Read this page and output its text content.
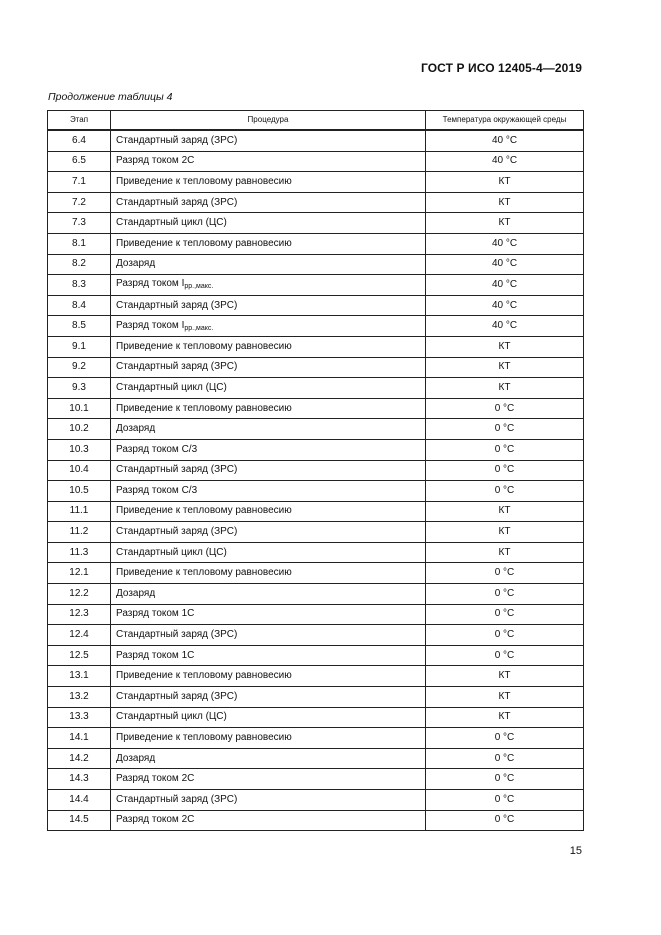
ГОСТ Р ИСО 12405-4—2019
Продолжение таблицы 4
Этап	Процедура	Температура окружающей среды
6.4	Стандартный заряд (ЗРС)	40 °С
6.5	Разряд током 2C	40 °С
7.1	Приведение к тепловому равновесию	КТ
7.2	Стандартный заряд (ЗРС)	КТ
7.3	Стандартный цикл (ЦС)	КТ
8.1	Приведение к тепловому равновесию	40 °С
8.2	Дозаряд	40 °С
8.3	Разряд током $I_{рр.,макс.}$	40 °С
8.4	Стандартный заряд (ЗРС)	40 °С
8.5	Разряд током $I_{рр.,макс.}$	40 °С
9.1	Приведение к тепловому равновесию	КТ
9.2	Стандартный заряд (ЗРС)	КТ
9.3	Стандартный цикл (ЦС)	КТ
10.1	Приведение к тепловому равновесию	0 °С
10.2	Дозаряд	0 °С
10.3	Разряд током C/3	0 °С
10.4	Стандартный заряд (ЗРС)	0 °С
10.5	Разряд током C/3	0 °С
11.1	Приведение к тепловому равновесию	КТ
11.2	Стандартный заряд (ЗРС)	КТ
11.3	Стандартный цикл (ЦС)	КТ
12.1	Приведение к тепловому равновесию	0 °С
12.2	Дозаряд	0 °С
12.3	Разряд током 1C	0 °С
12.4	Стандартный заряд (ЗРС)	0 °С
12.5	Разряд током 1C	0 °С
13.1	Приведение к тепловому равновесию	КТ
13.2	Стандартный заряд (ЗРС)	КТ
13.3	Стандартный цикл (ЦС)	КТ
14.1	Приведение к тепловому равновесию	0 °С
14.2	Дозаряд	0 °С
14.3	Разряд током 2C	0 °С
14.4	Стандартный заряд (ЗРС)	0 °С
14.5	Разряд током 2C	0 °С
15
